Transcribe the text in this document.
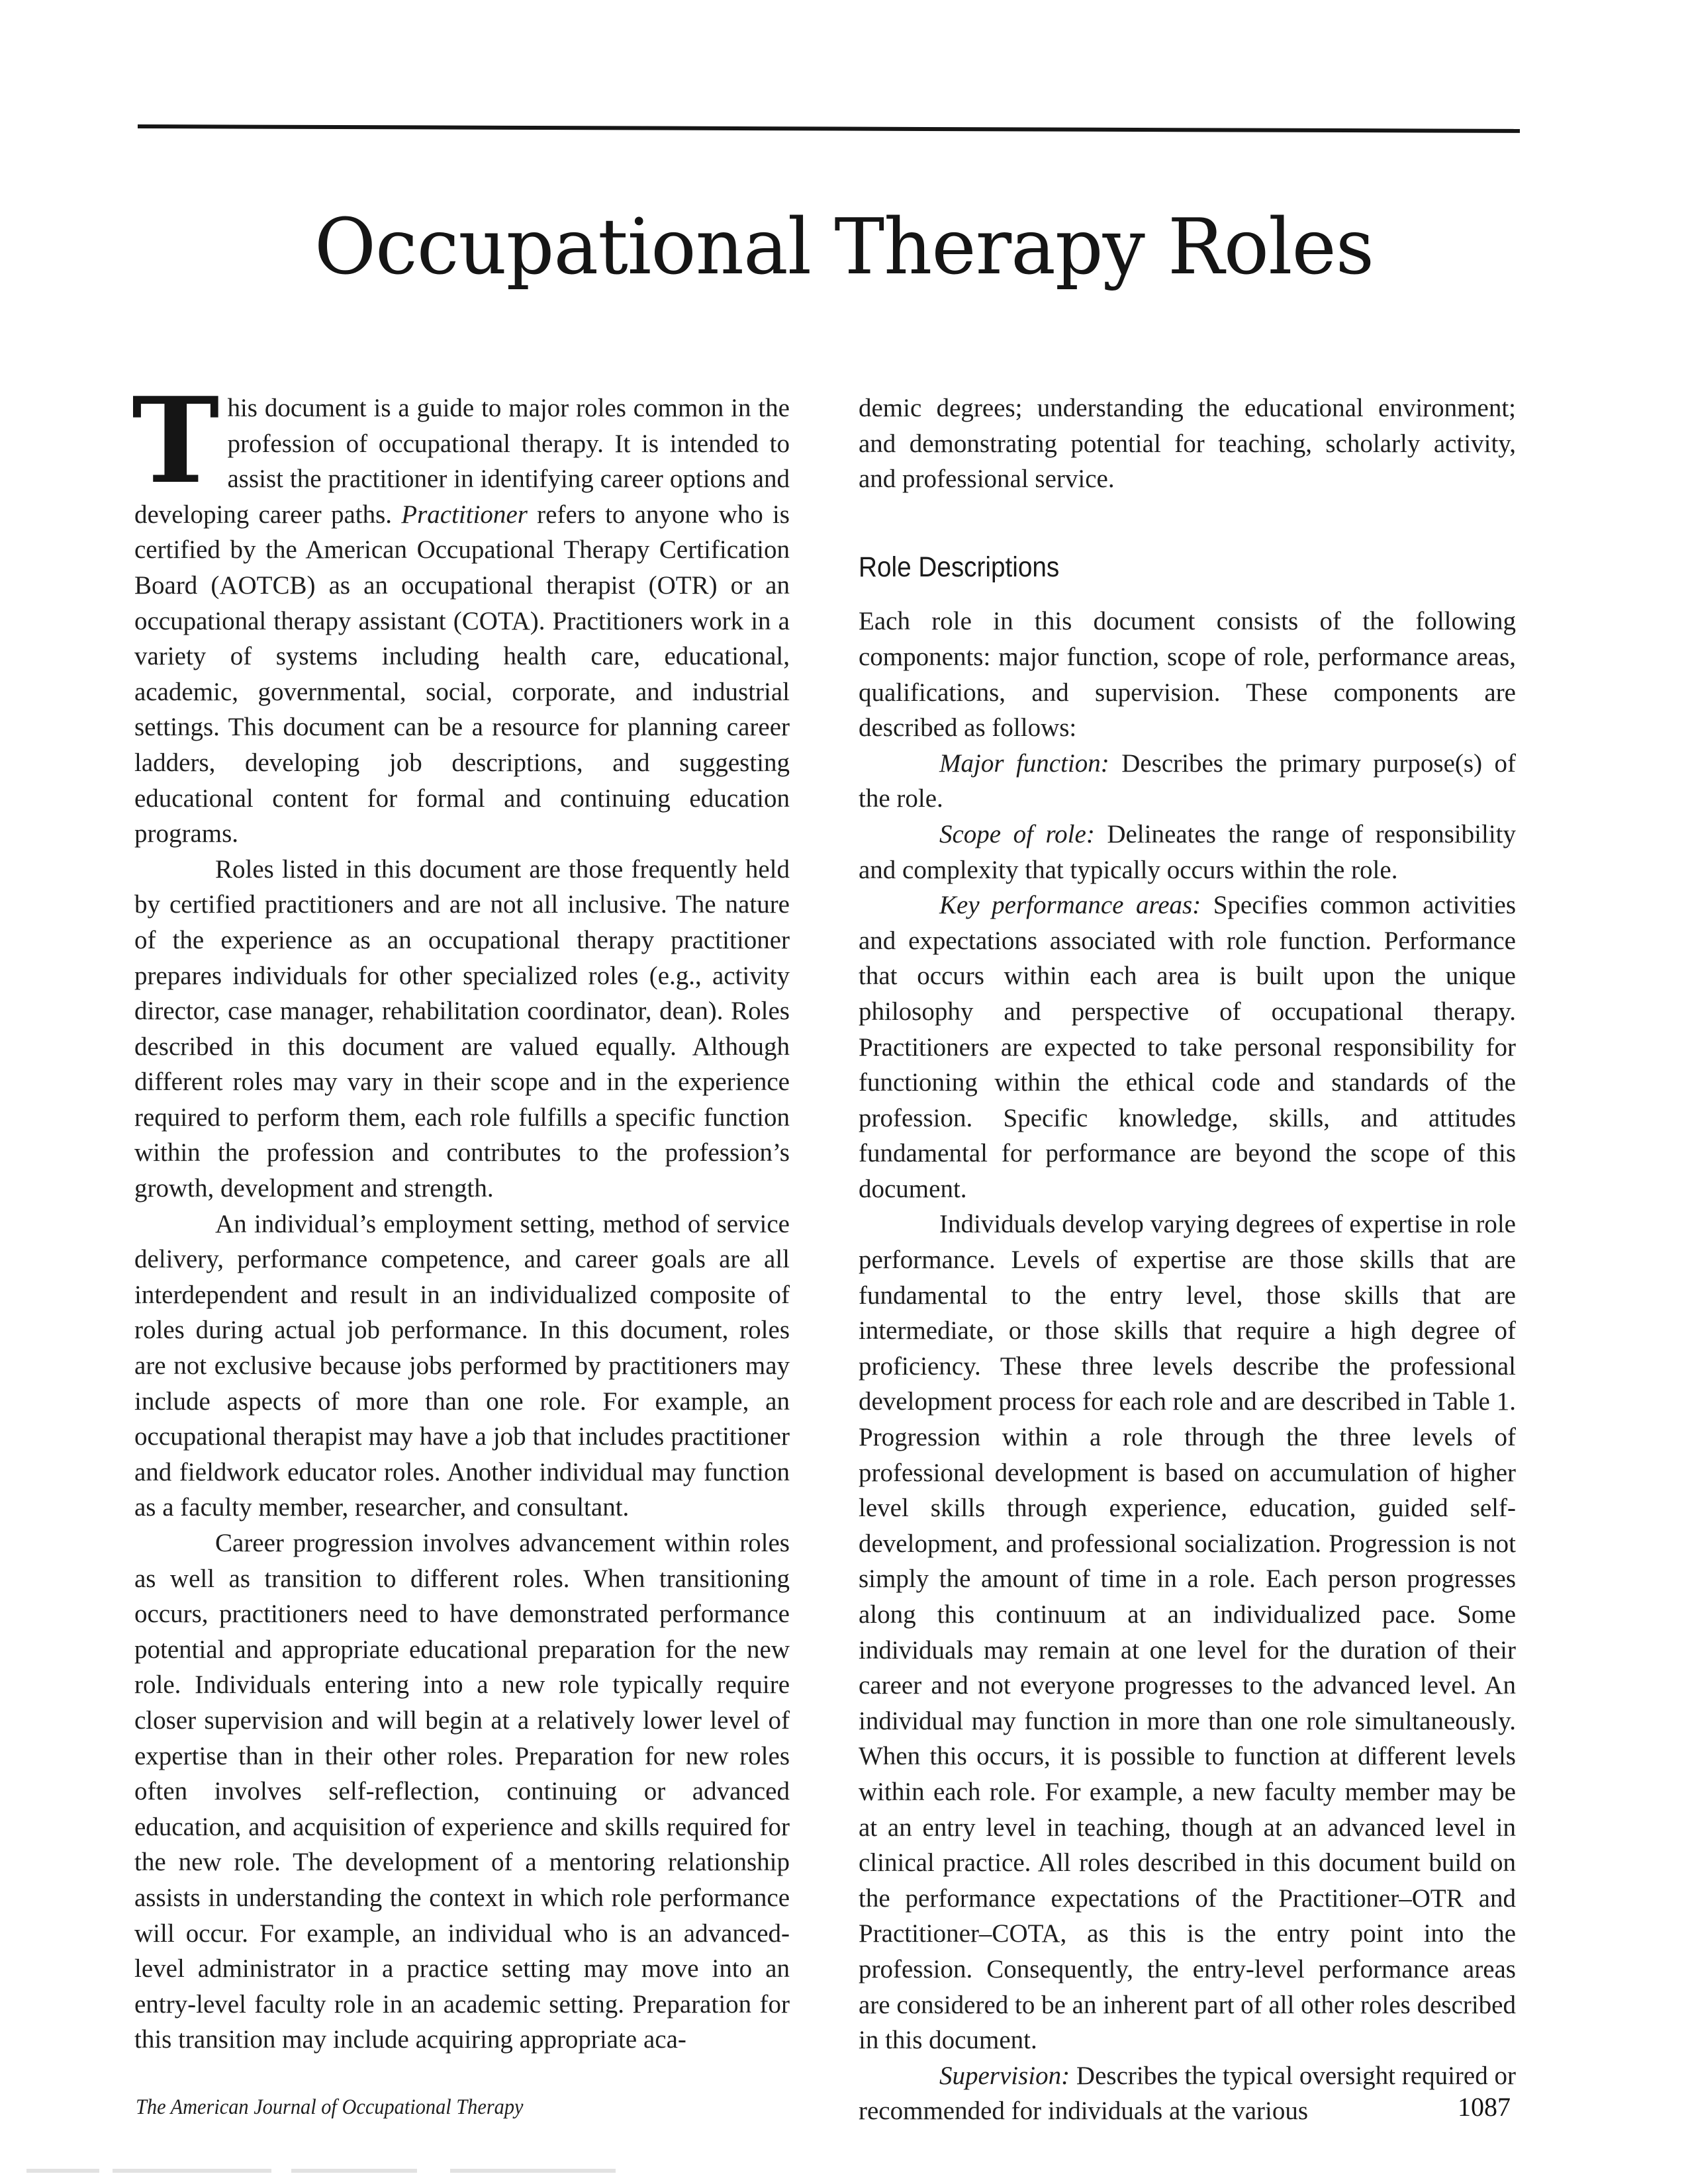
Occupational Therapy Roles

T his document is a guide to major roles common in the profession of occupational therapy. It is intended to assist the practitioner in identifying career options and developing career paths. Practitioner refers to anyone who is certified by the American Occupational Therapy Certification Board (AOTCB) as an occupational therapist (OTR) or an occupational therapy assistant (COTA). Practitioners work in a variety of systems including health care, educational, academic, governmental, social, corporate, and industrial settings. This document can be a resource for planning career ladders, developing job descriptions, and suggesting educational content for formal and continuing education programs.

Roles listed in this document are those frequently held by certified practitioners and are not all inclusive. The nature of the experience as an occupational therapy practitioner prepares individuals for other specialized roles (e.g., activity director, case manager, rehabilitation coordinator, dean). Roles described in this document are valued equally. Although different roles may vary in their scope and in the experience required to perform them, each role fulfills a specific function within the profession and contributes to the profession’s growth, development and strength.

An individual’s employment setting, method of service delivery, performance competence, and career goals are all interdependent and result in an individualized composite of roles during actual job performance. In this document, roles are not exclusive because jobs performed by practitioners may include aspects of more than one role. For example, an occupational therapist may have a job that includes practitioner and fieldwork educator roles. Another individual may function as a faculty member, researcher, and consultant.

Career progression involves advancement within roles as well as transition to different roles. When transitioning occurs, practitioners need to have demonstrated performance potential and appropriate educational preparation for the new role. Individuals entering into a new role typically require closer supervision and will begin at a relatively lower level of expertise than in their other roles. Preparation for new roles often involves self-reflection, continuing or advanced education, and acquisition of experience and skills required for the new role. The development of a mentoring relationship assists in understanding the context in which role performance will occur. For example, an individual who is an advanced-level administrator in a practice setting may move into an entry-level faculty role in an academic setting. Preparation for this transition may include acquiring appropriate aca-

demic degrees; understanding the educational environment; and demonstrating potential for teaching, scholarly activity, and professional service.

Role Descriptions

Each role in this document consists of the following components: major function, scope of role, performance areas, qualifications, and supervision. These components are described as follows:

Major function: Describes the primary purpose(s) of the role.

Scope of role: Delineates the range of responsibility and complexity that typically occurs within the role.

Key performance areas: Specifies common activities and expectations associated with role function. Performance that occurs within each area is built upon the unique philosophy and perspective of occupational therapy. Practitioners are expected to take personal responsibility for functioning within the ethical code and standards of the profession. Specific knowledge, skills, and attitudes fundamental for performance are beyond the scope of this document.

Individuals develop varying degrees of expertise in role performance. Levels of expertise are those skills that are fundamental to the entry level, those skills that are intermediate, or those skills that require a high degree of proficiency. These three levels describe the professional development process for each role and are described in Table 1. Progression within a role through the three levels of professional development is based on accumulation of higher level skills through experience, education, guided self-development, and professional socialization. Progression is not simply the amount of time in a role. Each person progresses along this continuum at an individualized pace. Some individuals may remain at one level for the duration of their career and not everyone progresses to the advanced level. An individual may function in more than one role simultaneously. When this occurs, it is possible to function at different levels within each role. For example, a new faculty member may be at an entry level in teaching, though at an advanced level in clinical practice. All roles described in this document build on the performance expectations of the Practitioner–OTR and Practitioner–COTA, as this is the entry point into the profession. Consequently, the entry-level performance areas are considered to be an inherent part of all other roles described in this document.

Supervision: Describes the typical oversight required or recommended for individuals at the various

The American Journal of Occupational Therapy	1087
